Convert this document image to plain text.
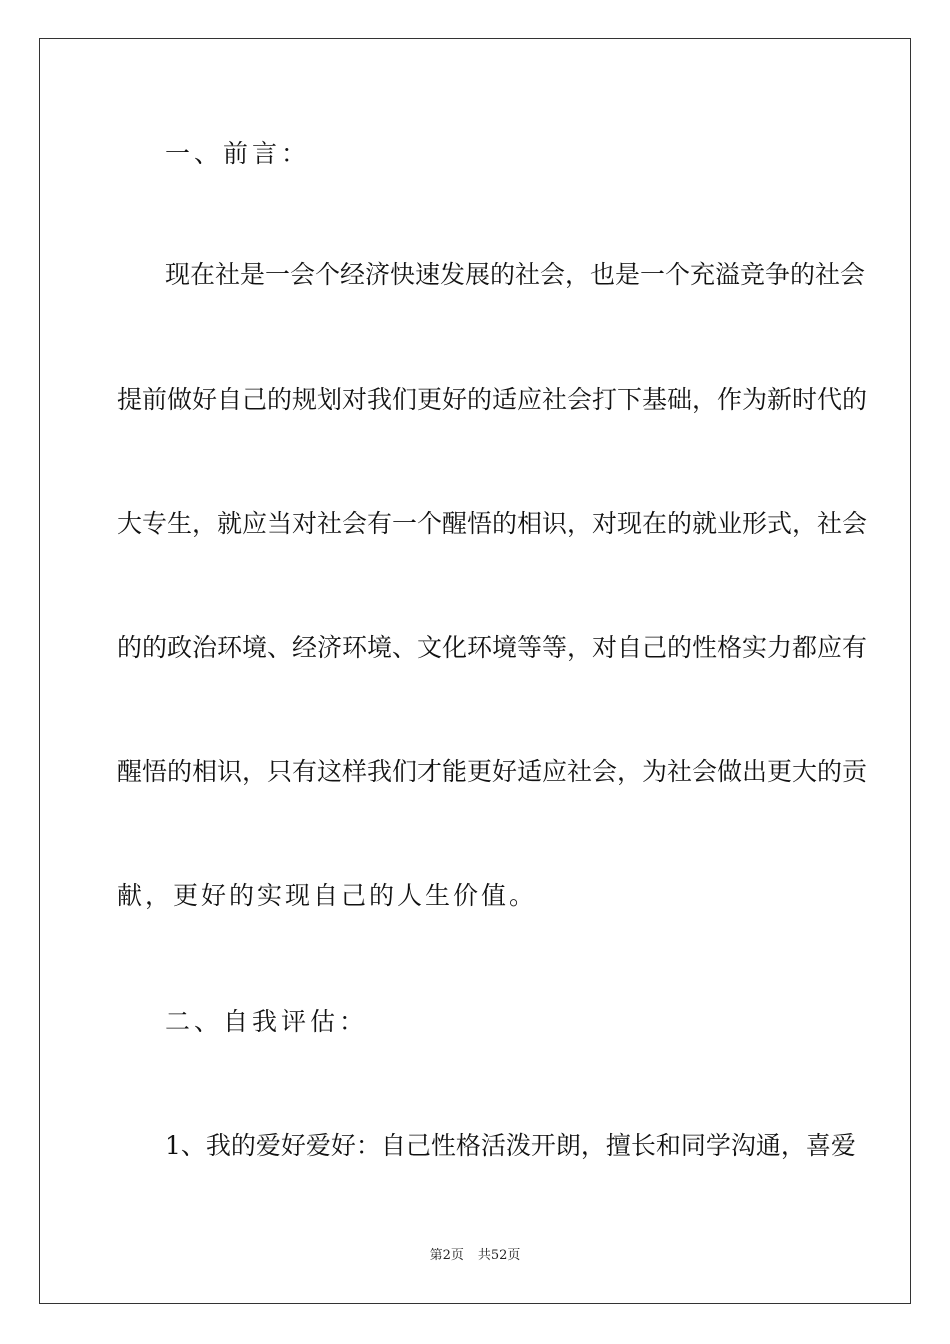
一、前言：
现在社是一会个经济快速发展的社会，也是一个充溢竞争的社会
提前做好自己的规划对我们更好的适应社会打下基础，作为新时代的
大专生，就应当对社会有一个醒悟的相识，对现在的就业形式，社会
的的政治环境、经济环境、文化环境等等，对自己的性格实力都应有
醒悟的相识，只有这样我们才能更好适应社会，为社会做出更大的贡
献，更好的实现自己的人生价值。
二、自我评估：
1、我的爱好爱好：自己性格活泼开朗，擅长和同学沟通，喜爱
第2页 共52页
